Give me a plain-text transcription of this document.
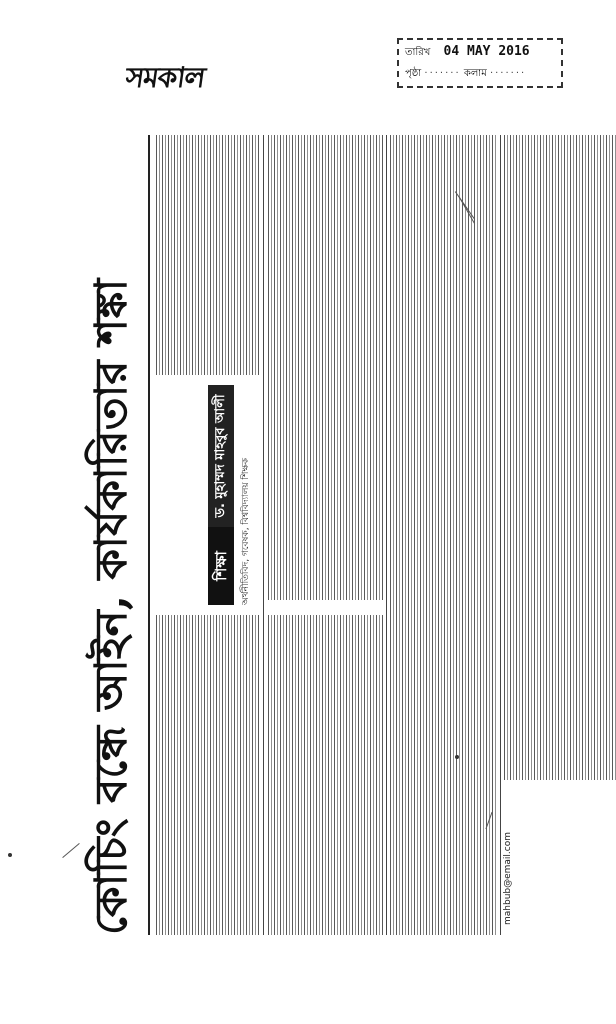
সমকাল
তারিখ 04 MAY 2016
পৃষ্ঠা ······· কলাম ·······
কোচিং বন্ধে আইন, কার্যকারিতার শঙ্কা	শিক্ষা
ড. মুহাম্মদ মাহবুব আলী
অর্থনীতিবিদ, গবেষক, বিশ্ববিদ্যালয় শিক্ষক
mahbub@email.com
